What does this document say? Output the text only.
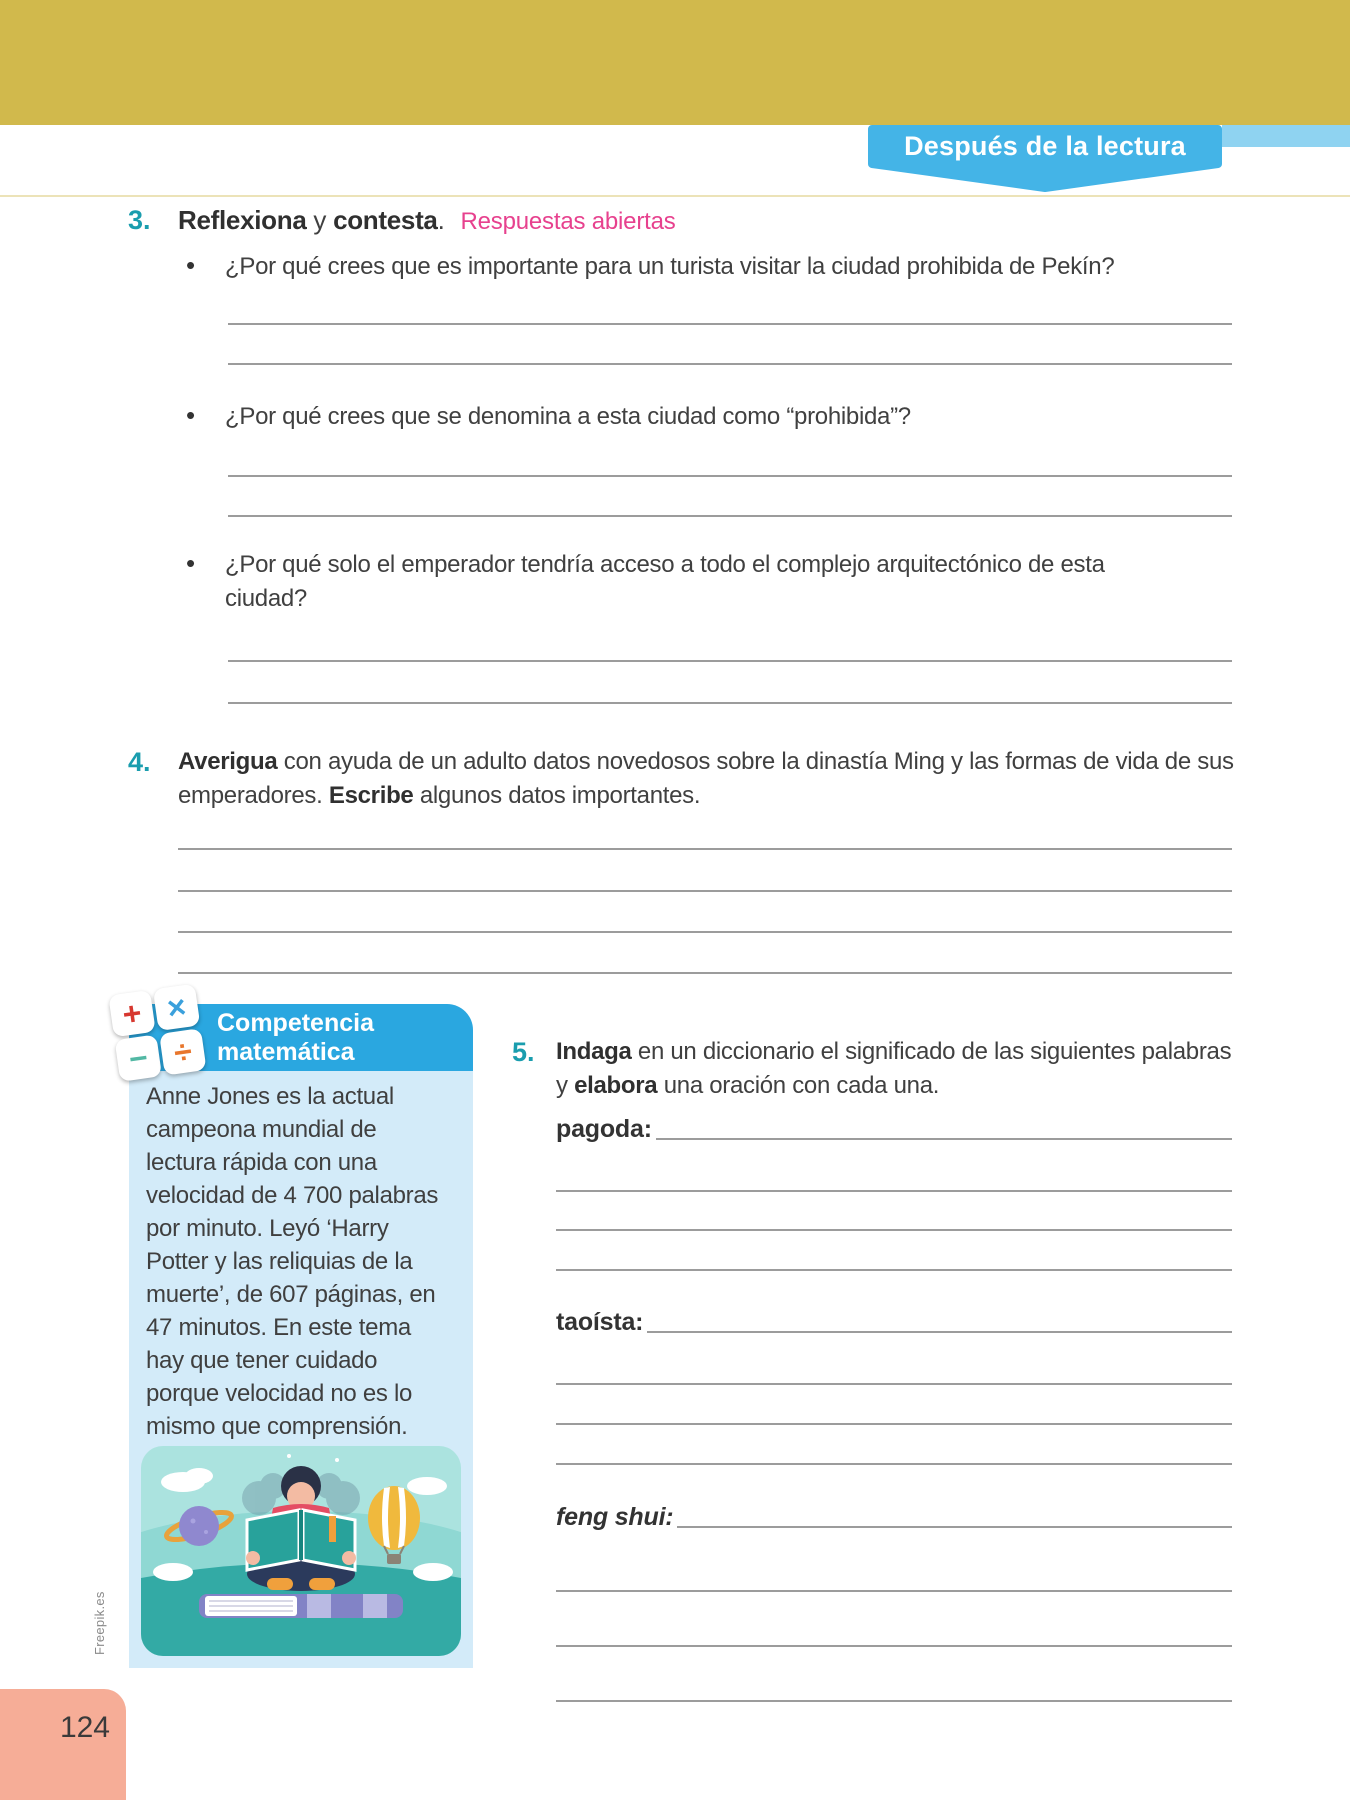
Después de la lectura
3. Reflexiona y contesta. Respuestas abiertas
• ¿Por qué crees que es importante para un turista visitar la ciudad prohibida de Pekín?
• ¿Por qué crees que se denomina a esta ciudad como “prohibida”?
• ¿Por qué solo el emperador tendría acceso a todo el complejo arquitectónico de esta ciudad?
4. Averigua con ayuda de un adulto datos novedosos sobre la dinastía Ming y las formas de vida de sus emperadores. Escribe algunos datos importantes.
Competencia
matemática
Anne Jones es la actual campeona mundial de lectura rápida con una velocidad de 4 700 palabras por minuto. Leyó ‘Harry Potter y las reliquias de la muerte’, de 607 páginas, en 47 minutos. En este tema hay que tener cuidado porque velocidad no es lo mismo que comprensión.
+ ×
− ÷	5. Indaga en un diccionario el significado de las siguientes palabras y elabora una oración con cada una.
pagoda:
taoísta:
feng shui:
Freepik.es
124
